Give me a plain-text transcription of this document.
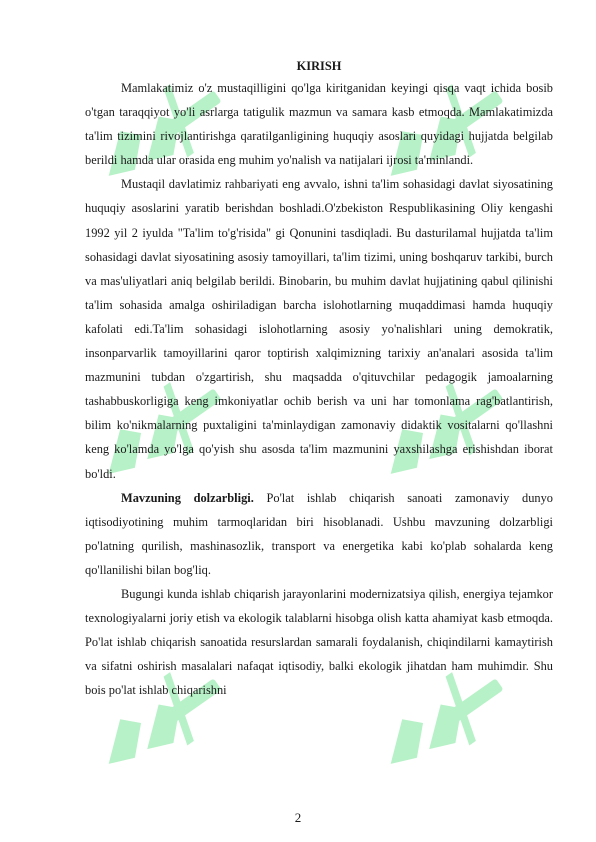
KIRISH

Mamlakatimiz o'z mustaqilligini qo'lga kiritganidan keyingi qisqa vaqt ichida bosib o'tgan taraqqiyot yo'li asrlarga tatigulik mazmun va samara kasb etmoqda. Mamlakatimizda ta'lim tizimini rivojlantirishga qaratilganligining huquqiy asoslari quyidagi hujjatda belgilab berildi hamda ular orasida eng muhim yo'nalish va natijalari ijrosi ta'minlandi.

Mustaqil davlatimiz rahbariyati eng avvalo, ishni ta'lim sohasidagi davlat siyosatining huquqiy asoslarini yaratib berishdan boshladi.O'zbekiston Respublikasining Oliy kengashi 1992 yil 2 iyulda "Ta'lim to'g'risida" gi Qonunini tasdiqladi. Bu dasturilamal hujjatda ta'lim sohasidagi davlat siyosatining asosiy tamoyillari, ta'lim tizimi, uning boshqaruv tarkibi, burch va mas'uliyatlari aniq belgilab berildi. Binobarin, bu muhim davlat hujjatining qabul qilinishi ta'lim sohasida amalga oshiriladigan barcha islohotlarning muqaddimasi hamda huquqiy kafolati edi.Ta'lim sohasidagi islohotlarning asosiy yo'nalishlari uning demokratik, insonparvarlik tamoyillarini qaror toptirish xalqimizning tarixiy an'analari asosida ta'lim mazmunini tubdan o'zgartirish, shu maqsadda o'qituvchilar pedagogik jamoalarning tashabbuskorligiga keng imkoniyatlar ochib berish va uni har tomonlama rag'batlantirish, bilim ko'nikmalarning puxtaligini ta'minlaydigan zamonaviy didaktik vositalarni qo'llashni keng ko'lamda yo'lga qo'yish shu asosda ta'lim mazmunini yaxshilashga erishishdan iborat bo'ldi.

Mavzuning dolzarbligi. Po'lat ishlab chiqarish sanoati zamonaviy dunyo iqtisodiyotining muhim tarmoqlaridan biri hisoblanadi. Ushbu mavzuning dolzarbligi po'latning qurilish, mashinasozlik, transport va energetika kabi ko'plab sohalarda keng qo'llanilishi bilan bog'liq.

Bugungi kunda ishlab chiqarish jarayonlarini modernizatsiya qilish, energiya tejamkor texnologiyalarni joriy etish va ekologik talablarni hisobga olish katta ahamiyat kasb etmoqda. Po'lat ishlab chiqarish sanoatida resurslardan samarali foydalanish, chiqindilarni kamaytirish va sifatni oshirish masalalari nafaqat iqtisodiy, balki ekologik jihatdan ham muhimdir. Shu bois po'lat ishlab chiqarishni

2
